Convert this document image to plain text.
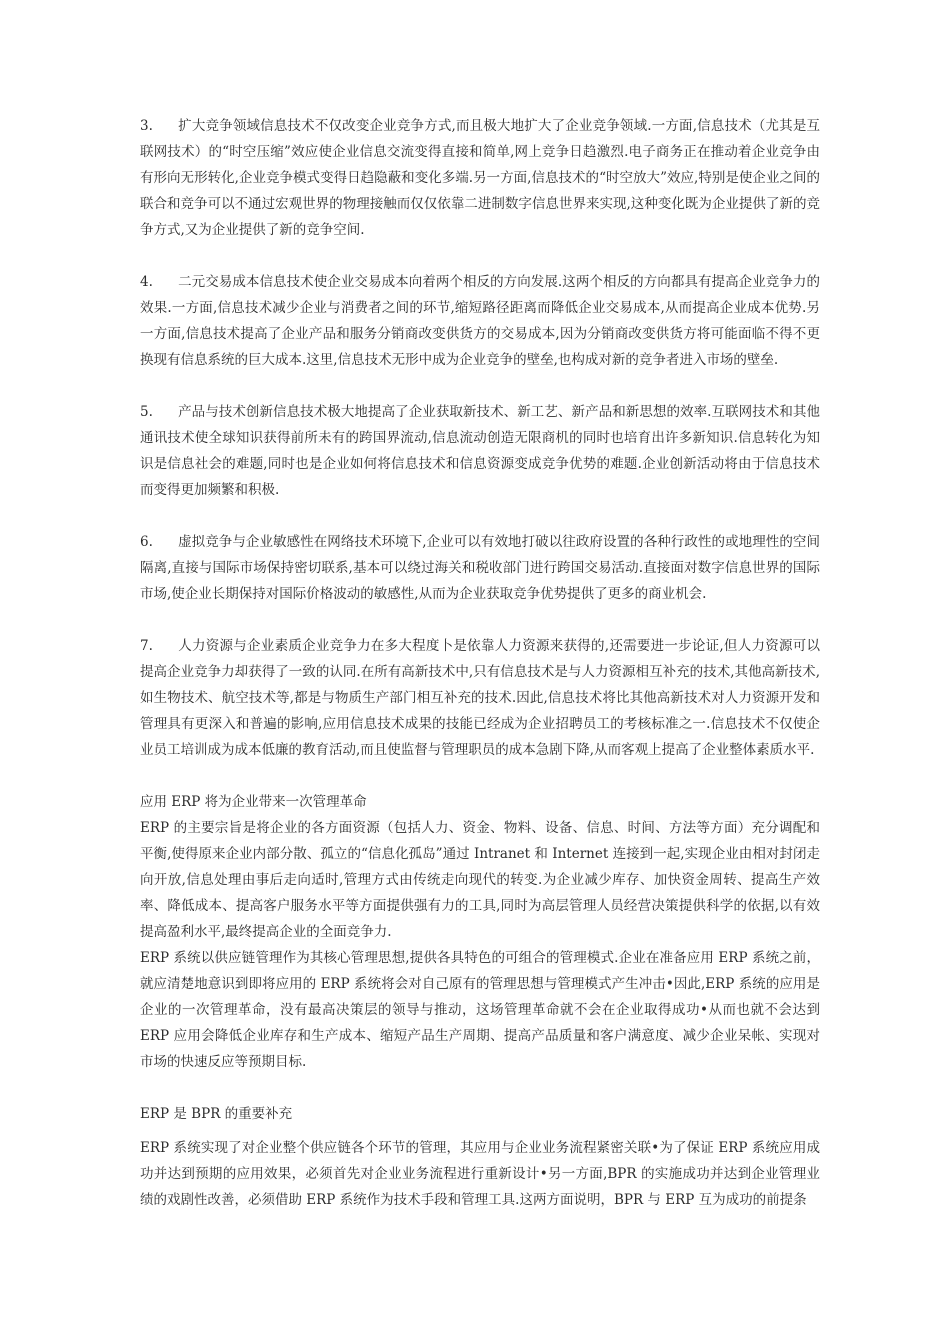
3. 扩大竞争领域信息技术不仅改变企业竞争方式,而且极大地扩大了企业竞争领域.一方面,信息技术（尤其是互联网技术）的“时空压缩”效应使企业信息交流变得直接和简单,网上竞争日趋激烈.电子商务正在推动着企业竞争由有形向无形转化,企业竞争模式变得日趋隐蔽和变化多端.另一方面,信息技术的“时空放大”效应,特别是使企业之间的联合和竞争可以不通过宏观世界的物理接触而仅仅依靠二进制数字信息世界来实现,这种变化既为企业提供了新的竞争方式,又为企业提供了新的竞争空间.

4. 二元交易成本信息技术使企业交易成本向着两个相反的方向发展.这两个相反的方向都具有提高企业竞争力的效果.一方面,信息技术减少企业与消费者之间的环节,缩短路径距离而降低企业交易成本,从而提高企业成本优势.另一方面,信息技术提高了企业产品和服务分销商改变供货方的交易成本,因为分销商改变供货方将可能面临不得不更换现有信息系统的巨大成本.这里,信息技术无形中成为企业竞争的壁垒,也构成对新的竞争者进入市场的壁垒.

5. 产品与技术创新信息技术极大地提高了企业获取新技术、新工艺、新产品和新思想的效率.互联网技术和其他通讯技术使全球知识获得前所未有的跨国界流动,信息流动创造无限商机的同时也培育出许多新知识.信息转化为知识是信息社会的难题,同时也是企业如何将信息技术和信息资源变成竞争优势的难题.企业创新活动将由于信息技术而变得更加频繁和积极.

6. 虚拟竞争与企业敏感性在网络技术环境下,企业可以有效地打破以往政府设置的各种行政性的或地理性的空间隔离,直接与国际市场保持密切联系,基本可以绕过海关和税收部门进行跨国交易活动.直接面对数字信息世界的国际市场,使企业长期保持对国际价格波动的敏感性,从而为企业获取竞争优势提供了更多的商业机会.

7. 人力资源与企业素质企业竞争力在多大程度卜是依靠人力资源来获得的,还需要进一步论证,但人力资源可以提高企业竞争力却获得了一致的认同.在所有高新技术中,只有信息技术是与人力资源相互补充的技术,其他高新技术,如生物技术、航空技术等,都是与物质生产部门相互补充的技术.因此,信息技术将比其他高新技术对人力资源开发和管理具有更深入和普遍的影响,应用信息技术成果的技能已经成为企业招聘员工的考核标准之一.信息技术不仅使企业员工培训成为成本低廉的教育活动,而且使监督与管理职员的成本急剧下降,从而客观上提高了企业整体素质水平.

应用 ERP 将为企业带来一次管理革命

ERP 的主要宗旨是将企业的各方面资源（包括人力、资金、物料、设备、信息、时间、方法等方面）充分调配和平衡,使得原来企业内部分散、孤立的“信息化孤岛”通过 Intranet 和 Internet 连接到一起,实现企业由相对封闭走向开放,信息处理由事后走向适时,管理方式由传统走向现代的转变.为企业减少库存、加快资金周转、提高生产效率、降低成本、提高客户服务水平等方面提供强有力的工具,同时为高层管理人员经营决策提供科学的依据,以有效提高盈利水平,最终提高企业的全面竞争力.

ERP 系统以供应链管理作为其核心管理思想,提供各具特色的可组合的管理模式.企业在准备应用 ERP 系统之前，就应清楚地意识到即将应用的 ERP 系统将会对自己原有的管理思想与管理模式产生冲击•因此,ERP 系统的应用是企业的一次管理革命，没有最高决策层的领导与推动，这场管理革命就不会在企业取得成功•从而也就不会达到 ERP 应用会降低企业库存和生产成本、缩短产品生产周期、提高产品质量和客户满意度、减少企业呆帐、实现对市场的快速反应等预期目标.

ERP 是 BPR 的重要补充

ERP 系统实现了对企业整个供应链各个环节的管理，其应用与企业业务流程紧密关联•为了保证 ERP 系统应用成功并达到预期的应用效果，必须首先对企业业务流程进行重新设计•另一方面,BPR 的实施成功并达到企业管理业绩的戏剧性改善，必须借助 ERP 系统作为技术手段和管理工具.这两方面说明，BPR 与 ERP 互为成功的前提条
